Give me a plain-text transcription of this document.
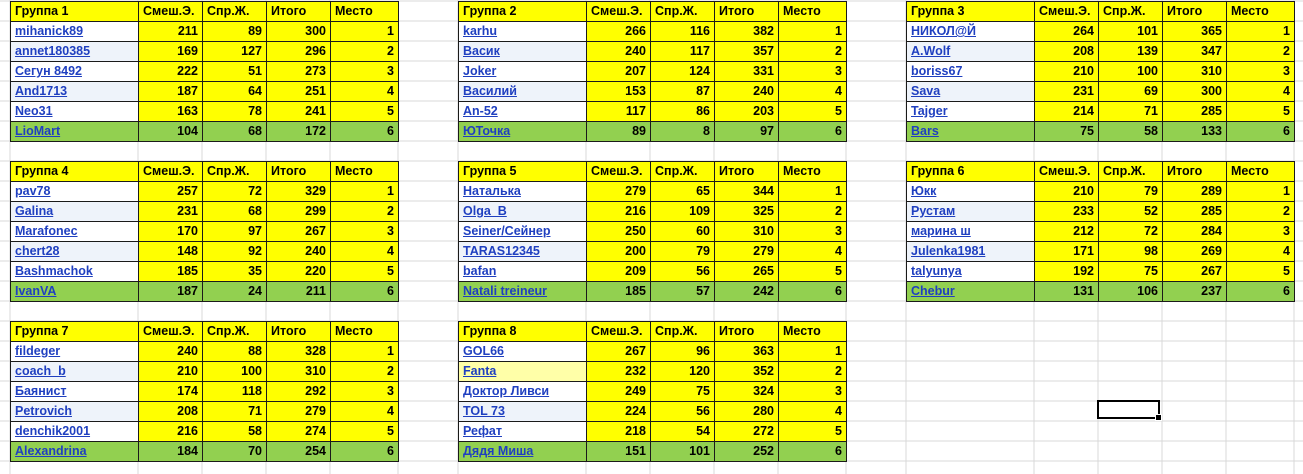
Группа 1	Смеш.Э.	Спр.Ж.	Итого	Место
mihanick89	211	89	300	1
annet180385	169	127	296	2
Сегун 8492	222	51	273	3
And1713	187	64	251	4
Neo31	163	78	241	5
LioMart	104	68	172	6
Группа 2	Смеш.Э.	Спр.Ж.	Итого	Место
karhu	266	116	382	1
Васик	240	117	357	2
Joker	207	124	331	3
Василий	153	87	240	4
An-52	117	86	203	5
ЮТочка	89	8	97	6
Группа 3	Смеш.Э.	Спр.Ж.	Итого	Место
НИКОЛ@Й	264	101	365	1
A.Wolf	208	139	347	2
boriss67	210	100	310	3
Sava	231	69	300	4
Tajger	214	71	285	5
Bars	75	58	133	6
Группа 4	Смеш.Э.	Спр.Ж.	Итого	Место
pav78	257	72	329	1
Galina	231	68	299	2
Marafonec	170	97	267	3
chert28	148	92	240	4
Bashmachok	185	35	220	5
IvanVA	187	24	211	6
Группа 5	Смеш.Э.	Спр.Ж.	Итого	Место
Наталька	279	65	344	1
Olga_B	216	109	325	2
Seiner/Сейнер	250	60	310	3
TARAS12345	200	79	279	4
bafan	209	56	265	5
Natali treineur	185	57	242	6
Группа 6	Смеш.Э.	Спр.Ж.	Итого	Место
Юкк	210	79	289	1
Рустам	233	52	285	2
марина ш	212	72	284	3
Julenka1981	171	98	269	4
talyunya	192	75	267	5
Chebur	131	106	237	6
Группа 7	Смеш.Э.	Спр.Ж.	Итого	Место
fildeger	240	88	328	1
coach_b	210	100	310	2
Баянист	174	118	292	3
Petrovich	208	71	279	4
denchik2001	216	58	274	5
Alexandrina	184	70	254	6
Группа 8	Смеш.Э.	Спр.Ж.	Итого	Место
GOL66	267	96	363	1
Fanta	232	120	352	2
Доктор Ливси	249	75	324	3
TOL 73	224	56	280	4
Рефат	218	54	272	5
Дядя Миша	151	101	252	6
